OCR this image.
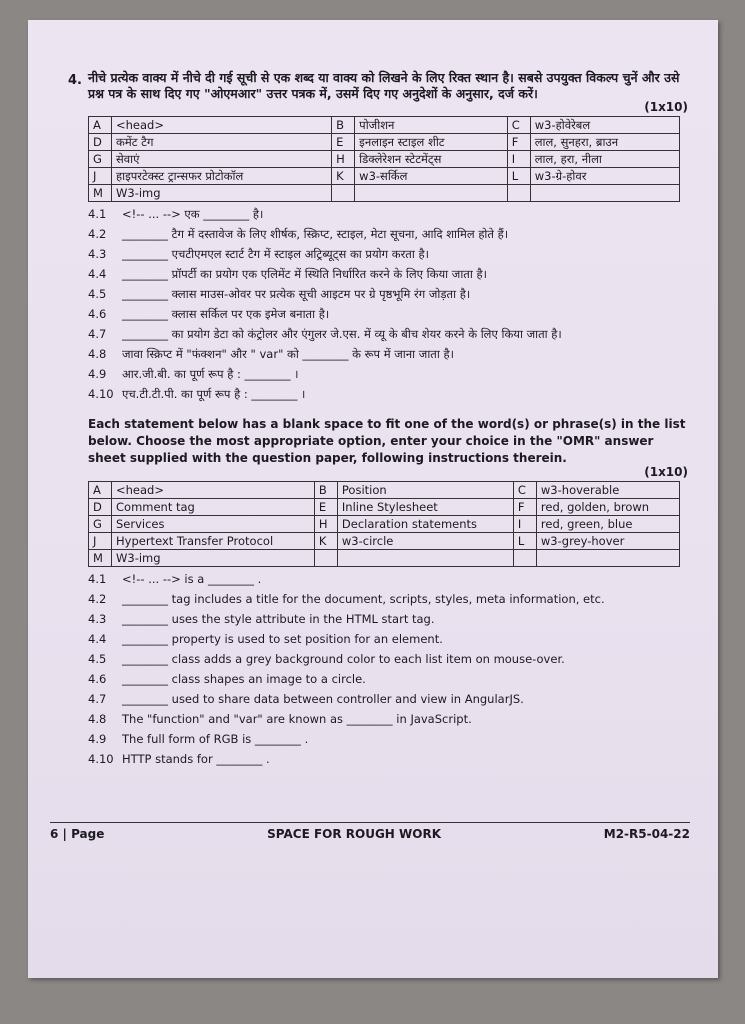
4. नीचे प्रत्येक वाक्य में नीचे दी गई सूची से एक शब्द या वाक्य को लिखने के लिए रिक्त स्थान है। सबसे उपयुक्त विकल्प चुनें और उसे प्रश्न पत्र के साथ दिए गए "ओएमआर" उत्तर पत्रक में, उसमें दिए गए अनुदेशों के अनुसार, दर्ज करें।

(1x10)
A	<head>	B	पोजीशन	C	w3-होवेरेबल
D	कमेंट टैग	E	इनलाइन स्टाइल शीट	F	लाल, सुनहरा, ब्राउन
G	सेवाएं	H	डिक्लेरेशन स्टेटमेंट्स	I	लाल, हरा, नीला
J	हाइपरटेक्स्ट ट्रान्सफर प्रोटोकॉल	K	w3-सर्किल	L	w3-ग्रे-होवर
M	W3-img				
4.1	<!-- ... --> एक ________ है।
4.2	________ टैग में दस्तावेज के लिए शीर्षक, स्क्रिप्ट, स्टाइल, मेटा सूचना, आदि शामिल होते हैं।
4.3	________ एचटीएमएल स्टार्ट टैग में स्टाइल अट्रिब्यूट्स का प्रयोग करता है।
4.4	________ प्रॉपर्टी का प्रयोग एक एलिमेंट में स्थिति निर्धारित करने के लिए किया जाता है।
4.5	________ क्लास माउस-ओवर पर प्रत्येक सूची आइटम पर ग्रे पृष्ठभूमि रंग जोड़ता है।
4.6	________ क्लास सर्किल पर एक इमेज बनाता है।
4.7	________ का प्रयोग डेटा को कंट्रोलर और एंगुलर जे.एस. में व्यू के बीच शेयर करने के लिए किया जाता है।
4.8	जावा स्क्रिप्ट में "फंक्शन" और " var" को ________ के रूप में जाना जाता है।
4.9	आर.जी.बी. का पूर्ण रूप है : ________ ।
4.10 एच.टी.टी.पी. का पूर्ण रूप है : ________ ।
Each statement below has a blank space to fit one of the word(s) or phrase(s) in the list below. Choose the most appropriate option, enter your choice in the "OMR" answer sheet supplied with the question paper, following instructions therein.
(1x10)
A	<head>	B	Position	C	w3-hoverable
D	Comment tag	E	Inline Stylesheet	F	red, golden, brown
G	Services	H	Declaration statements	I	red, green, blue
J	Hypertext Transfer Protocol	K	w3-circle	L	w3-grey-hover
M	W3-img				
4.1	<!-- ... --> is a ________ .
4.2	________ tag includes a title for the document, scripts, styles, meta information, etc.
4.3	________ uses the style attribute in the HTML start tag.
4.4	________ property is used to set position for an element.
4.5	________ class adds a grey background color to each list item on mouse-over.
4.6	________ class shapes an image to a circle.
4.7	________ used to share data between controller and view in AngularJS.
4.8	The "function" and "var" are known as ________ in JavaScript.
4.9	The full form of RGB is ________ .
4.10 HTTP stands for ________ .
6 | Page	SPACE FOR ROUGH WORK	M2-R5-04-22
